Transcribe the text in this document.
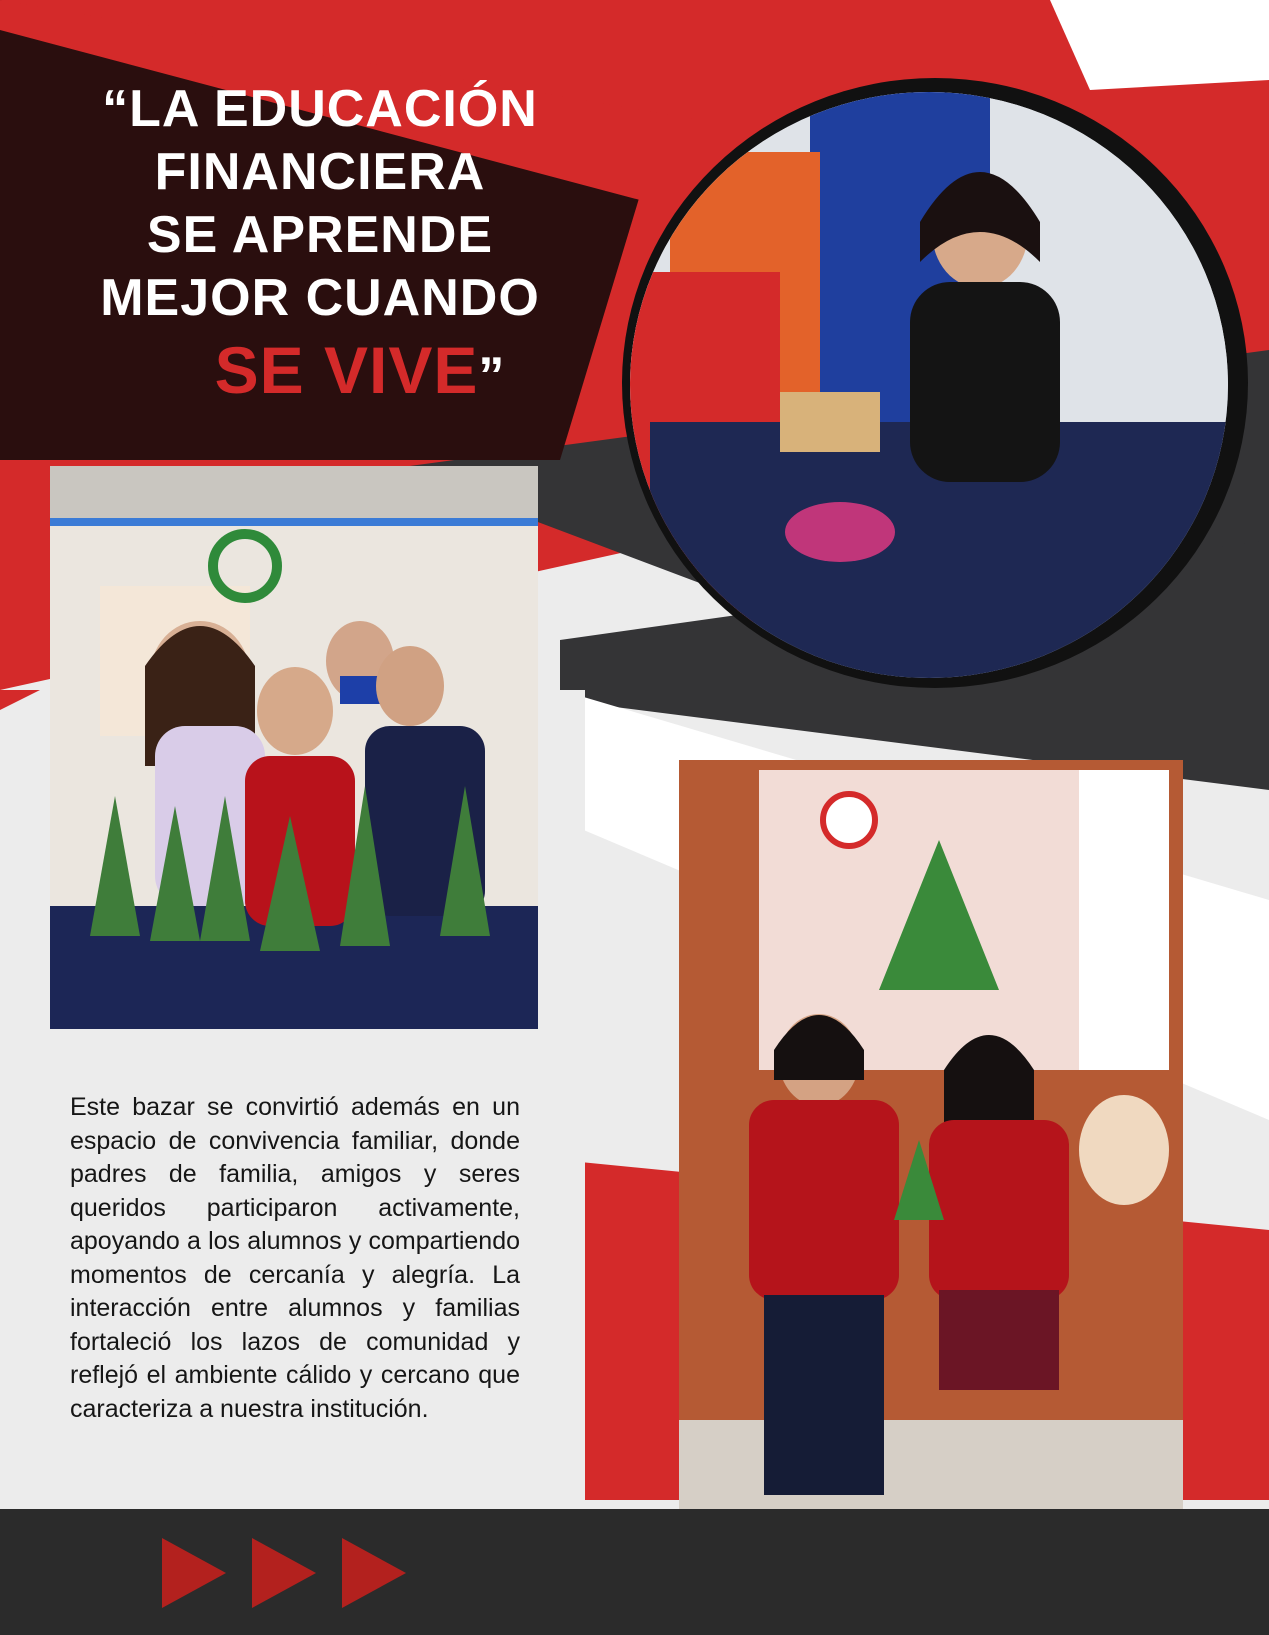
“LA EDUCACIÓN
FINANCIERA
SE APRENDE
MEJOR CUANDO
SE VIVE”
Este bazar se convirtió además en un espacio de convivencia familiar, donde padres de familia, amigos y seres queridos participaron activamente, apoyando a los alumnos y compartiendo momentos de cercanía y alegría. La interacción entre alumnos y familias fortaleció los lazos de comunidad y reflejó el ambiente cálido y cercano que caracteriza a nuestra institución.
